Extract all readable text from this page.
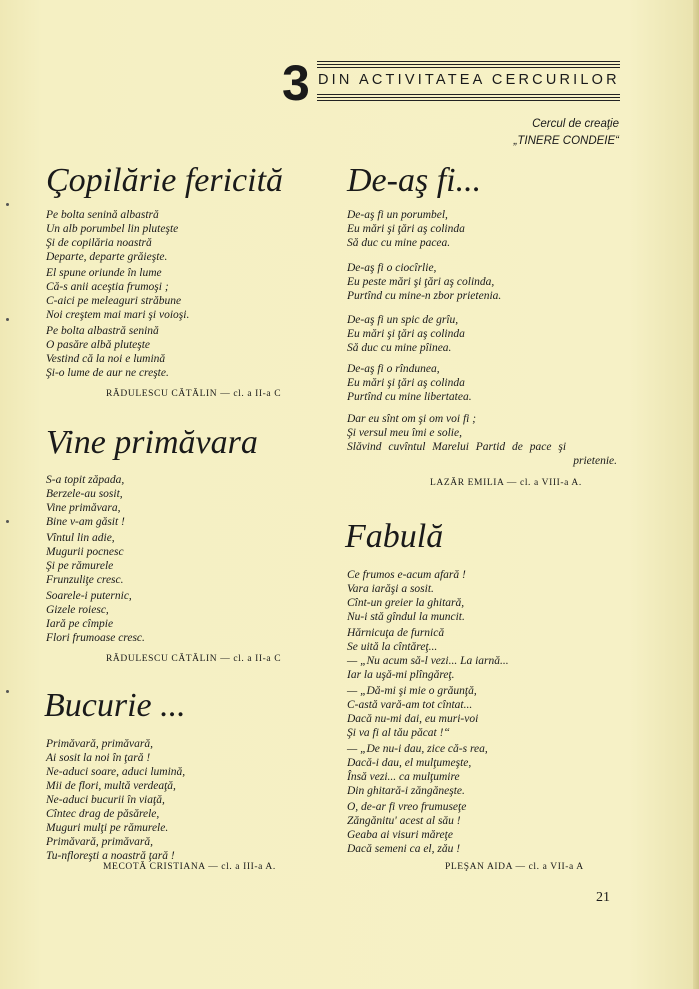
3 DIN ACTIVITATEA CERCURILOR
Cercul de creaţie
„TINERE CONDEIE“
Çopilărie fericită
Pe bolta senină albastră
Un alb porumbel lin pluteşte
Şi de copilăria noastră
Departe, departe grăieşte.
El spune oriunde în lume
Că-s anii aceştia frumoşi ;
C-aici pe meleaguri străbune
Noi creştem mai mari şi voioşi.
Pe bolta albastră senină
O pasăre albă pluteşte
Vestind că la noi e lumină
Şi-o lume de aur ne creşte.
RĂDULESCU CĂTĂLIN — cl. a II-a C
Vine primăvara
S-a topit zăpada,
Berzele-au sosit,
Vine primăvara,
Bine v-am găsit !
Vîntul lin adie,
Mugurii pocnesc
Şi pe rămurele
Frunzuliţe cresc.
Soarele-i puternic,
Gizele roiesc,
Iară pe cîmpie
Flori frumoase cresc.
RĂDULESCU CĂTĂLIN — cl. a II-a C
Bucurie ...
Primăvară, primăvară,
Ai sosit la noi în ţară !
Ne-aduci soare, aduci lumină,
Mii de flori, multă verdeaţă,
Ne-aduci bucurii în viaţă,
Cîntec drag de păsărele,
Muguri mulţi pe rămurele.
Primăvară, primăvară,
Tu-nfloreşti a noastră ţară !
MECOTĂ CRISTIANA — cl. a III-a A.
De-aş fi...
De-aş fi un porumbel,
Eu mări şi ţări aş colinda
Să duc cu mine pacea.
De-aş fi o ciocîrlie,
Eu peste mări şi ţări aş colinda,
Purtînd cu mine-n zbor prietenia.
De-aş fi un spic de grîu,
Eu mări şi ţări aş colinda
Să duc cu mine pîinea.
De-aş fi o rîndunea,
Eu mări şi ţări aş colinda
Purtînd cu mine libertatea.
Dar eu sînt om şi om voi fi ;
Şi versul meu îmi e solie,
Slăvind cuvîntul Marelui Partid de pace şi
prietenie.
LAZĂR EMILIA — cl. a VIII-a A.
Fabulă
Ce frumos e-acum afară !
Vara iarăşi a sosit.
Cînt-un greier la ghitară,
Nu-i stă gîndul la muncit.
Hărnicuţa de furnică
Se uită la cîntăreţ...
— „Nu acum să-l vezi... La iarnă...
Iar la uşă-mi plîngăreţ.
— „Dă-mi şi mie o grăunţă,
C-astă vară-am tot cîntat...
Dacă nu-mi dai, eu muri-voi
Şi va fi al tău păcat !“
— „De nu-i dau, zice că-s rea,
Dacă-i dau, el mulţumeşte,
Însă vezi... ca mulţumire
Din ghitară-i zăngăneşte.
O, de-ar fi vreo frumuseţe
Zăngănitu' acest al său !
Geaba ai visuri măreţe
Dacă semeni ca el, zău !
PLEŞAN AIDA — cl. a VII-a A
21
